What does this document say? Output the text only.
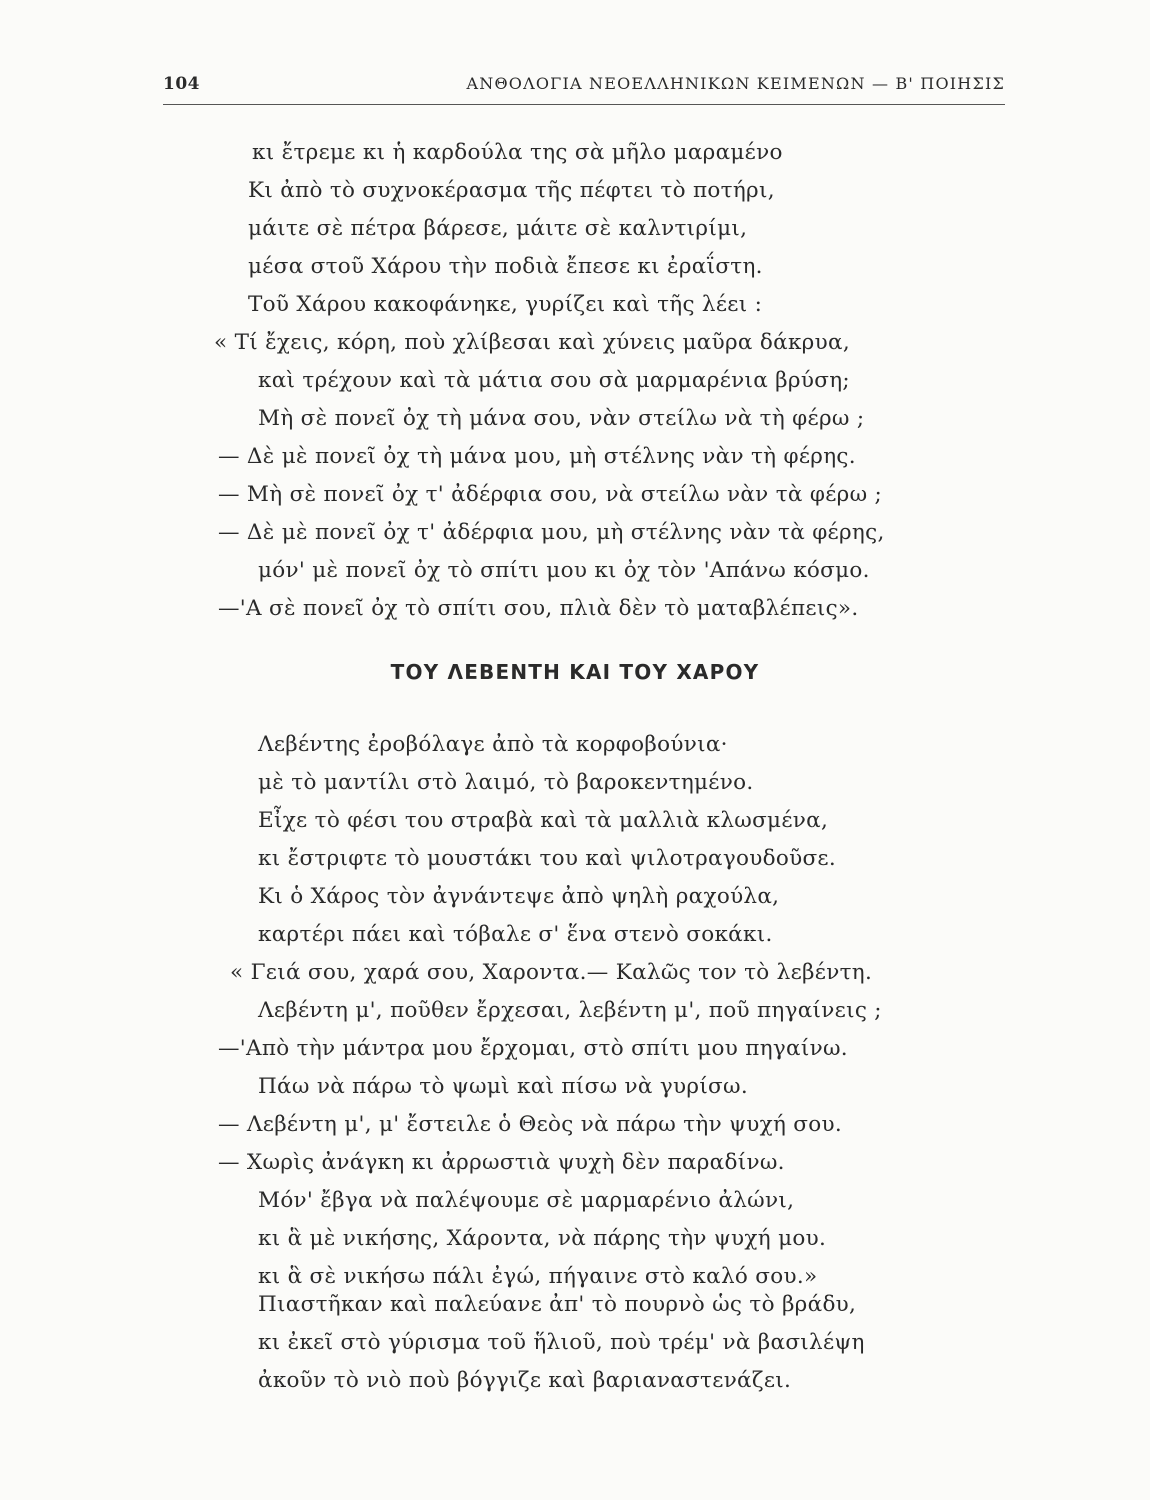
104	ΑΝΘΟΛΟΓΙΑ ΝΕΟΕΛΛΗΝΙΚΩΝ ΚΕΙΜΕΝΩΝ — Β' ΠΟΙΗΣΙΣ
κι ἔτρεμε κι ἡ καρδούλα της σὰ μῆλο μαραμένο
Κι ἀπὸ τὸ συχνοκέρασμα τῆς πέφτει τὸ ποτήρι,
μάιτε σὲ πέτρα βάρεσε, μάιτε σὲ καλντιρίμι,
μέσα στοῦ Χάρου τὴν ποδιὰ ἔπεσε κι ἐραΐστη.
Τοῦ Χάρου κακοφάνηκε, γυρίζει καὶ τῆς λέει :
« Τί ἔχεις, κόρη, ποὺ χλίβεσαι καὶ χύνεις μαῦρα δάκρυα,
καὶ τρέχουν καὶ τὰ μάτια σου σὰ μαρμαρένια βρύση;
Μὴ σὲ πονεῖ ὀχ τὴ μάνα σου, νὰν στείλω νὰ τὴ φέρω ;
— Δὲ μὲ πονεῖ ὀχ τὴ μάνα μου, μὴ στέλνης νὰν τὴ φέρης.
— Μὴ σὲ πονεῖ ὀχ τ' ἀδέρφια σου, νὰ στείλω νὰν τὰ φέρω ;
— Δὲ μὲ πονεῖ ὀχ τ' ἀδέρφια μου, μὴ στέλνης νὰν τὰ φέρης,
μόν' μὲ πονεῖ ὀχ τὸ σπίτι μου κι ὀχ τὸν 'Απάνω κόσμο.
—'Α σὲ πονεῖ ὀχ τὸ σπίτι σου, πλιὰ δὲν τὸ ματαβλέπεις».
ΤΟΥ ΛΕΒΕΝΤΗ ΚΑΙ ΤΟΥ ΧΑΡΟΥ
Λεβέντης ἐροβόλαγε ἀπὸ τὰ κορφοβούνια·
μὲ τὸ μαντίλι στὸ λαιμό, τὸ βαροκεντημένο.
Εἶχε τὸ φέσι του στραβὰ καὶ τὰ μαλλιὰ κλωσμένα,
κι ἔστριφτε τὸ μουστάκι του καὶ ψιλοτραγουδοῦσε.
Κι ὁ Χάρος τὸν ἀγνάντεψε ἀπὸ ψηλὴ ραχούλα,
καρτέρι πάει καὶ τόβαλε σ' ἕνα στενὸ σοκάκι.
« Γειά σου, χαρά σου, Χαροντα.— Καλῶς τον τὸ λεβέντη.
Λεβέντη μ', ποῦθεν ἔρχεσαι, λεβέντη μ', ποῦ πηγαίνεις ;
—'Απὸ τὴν μάντρα μου ἔρχομαι, στὸ σπίτι μου πηγαίνω.
Πάω νὰ πάρω τὸ ψωμὶ καὶ πίσω νὰ γυρίσω.
— Λεβέντη μ', μ' ἔστειλε ὁ Θεὸς νὰ πάρω τὴν ψυχή σου.
— Χωρὶς ἀνάγκη κι ἀρρωστιὰ ψυχὴ δὲν παραδίνω.
Μόν' ἔβγα νὰ παλέψουμε σὲ μαρμαρένιο ἀλώνι,
κι ἃ μὲ νικήσης, Χάροντα, νὰ πάρης τὴν ψυχή μου.
κι ἃ σὲ νικήσω πάλι ἐγώ, πήγαινε στὸ καλό σου.»
Πιαστῆκαν καὶ παλεύανε ἀπ' τὸ πουρνὸ ὡς τὸ βράδυ,
κι ἐκεῖ στὸ γύρισμα τοῦ ἥλιοῦ, ποὺ τρέμ' νὰ βασιλέψη
ἀκοῦν τὸ νιὸ ποὺ βόγγιζε καὶ βαριαναστενάζει.
